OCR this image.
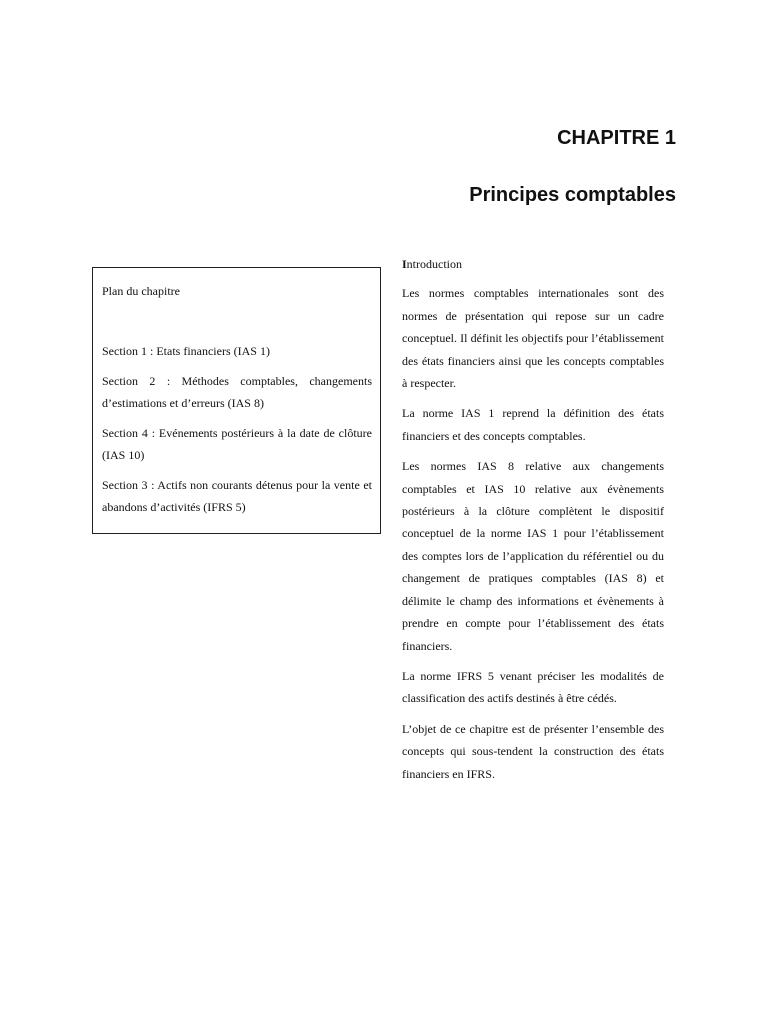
CHAPITRE 1
Principes comptables

Plan du chapitre

Section 1 : Etats financiers (IAS 1)

Section 2 : Méthodes comptables, changements d’estimations et d’erreurs (IAS 8)

Section 4 : Evénements postérieurs à la date de clôture (IAS 10)

Section 3 : Actifs non courants détenus pour la vente et abandons d’activités (IFRS 5)

Introduction

Les normes comptables internationales sont des normes de présentation qui repose sur un cadre conceptuel. Il définit les objectifs pour l’établissement des états financiers ainsi que les concepts comptables à respecter.

La norme IAS 1 reprend la définition des états financiers et des concepts comptables.

Les normes IAS 8 relative aux changements comptables et IAS 10 relative aux évènements postérieurs à la clôture complètent le dispositif conceptuel de la norme IAS 1 pour l’établissement des comptes lors de l’application du référentiel ou du changement de pratiques comptables (IAS 8) et délimite le champ des informations et évènements à prendre en compte pour l’établissement des états financiers.

La norme IFRS 5 venant préciser les modalités de classification des actifs destinés à être cédés.

L’objet de ce chapitre est de présenter l’ensemble des concepts qui sous-tendent la construction des états financiers en IFRS.
